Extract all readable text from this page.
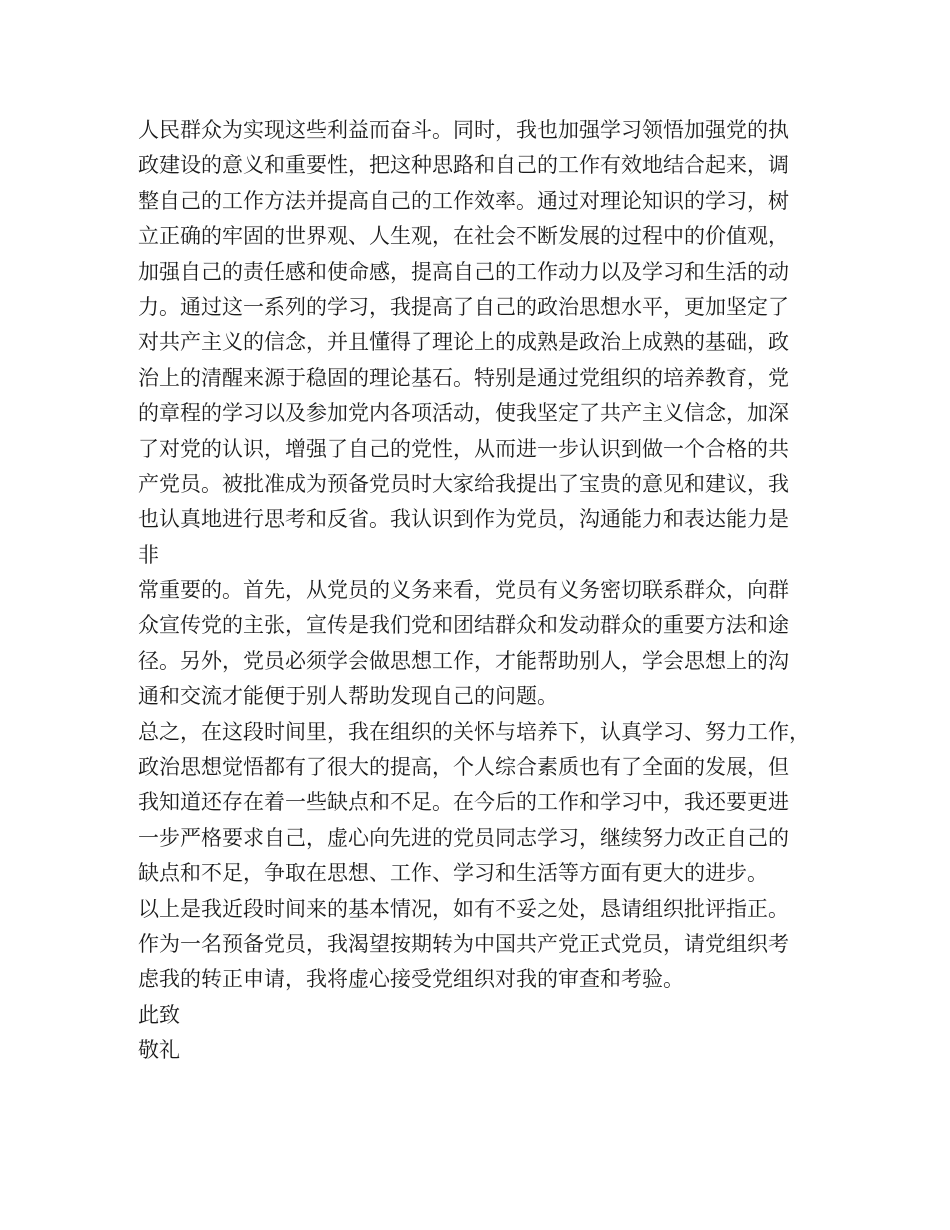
人民群众为实现这些利益而奋斗。同时，我也加强学习领悟加强党的执
政建设的意义和重要性，把这种思路和自己的工作有效地结合起来，调
整自己的工作方法并提高自己的工作效率。通过对理论知识的学习，树
立正确的牢固的世界观、人生观，在社会不断发展的过程中的价值观，
加强自己的责任感和使命感，提高自己的工作动力以及学习和生活的动
力。通过这一系列的学习，我提高了自己的政治思想水平，更加坚定了
对共产主义的信念，并且懂得了理论上的成熟是政治上成熟的基础，政
治上的清醒来源于稳固的理论基石。特别是通过党组织的培养教育，党
的章程的学习以及参加党内各项活动，使我坚定了共产主义信念，加深
了对党的认识，增强了自己的党性，从而进一步认识到做一个合格的共
产党员。被批准成为预备党员时大家给我提出了宝贵的意见和建议，我
也认真地进行思考和反省。我认识到作为党员，沟通能力和表达能力是
非
常重要的。首先，从党员的义务来看，党员有义务密切联系群众，向群
众宣传党的主张，宣传是我们党和团结群众和发动群众的重要方法和途
径。另外，党员必须学会做思想工作，才能帮助别人，学会思想上的沟
通和交流才能便于别人帮助发现自己的问题。
总之，在这段时间里，我在组织的关怀与培养下，认真学习、努力工作，
政治思想觉悟都有了很大的提高，个人综合素质也有了全面的发展，但
我知道还存在着一些缺点和不足。在今后的工作和学习中，我还要更进
一步严格要求自己，虚心向先进的党员同志学习，继续努力改正自己的
缺点和不足，争取在思想、工作、学习和生活等方面有更大的进步。
以上是我近段时间来的基本情况，如有不妥之处，恳请组织批评指正。
作为一名预备党员，我渴望按期转为中国共产党正式党员，请党组织考
虑我的转正申请，我将虚心接受党组织对我的审查和考验。
此致
敬礼
